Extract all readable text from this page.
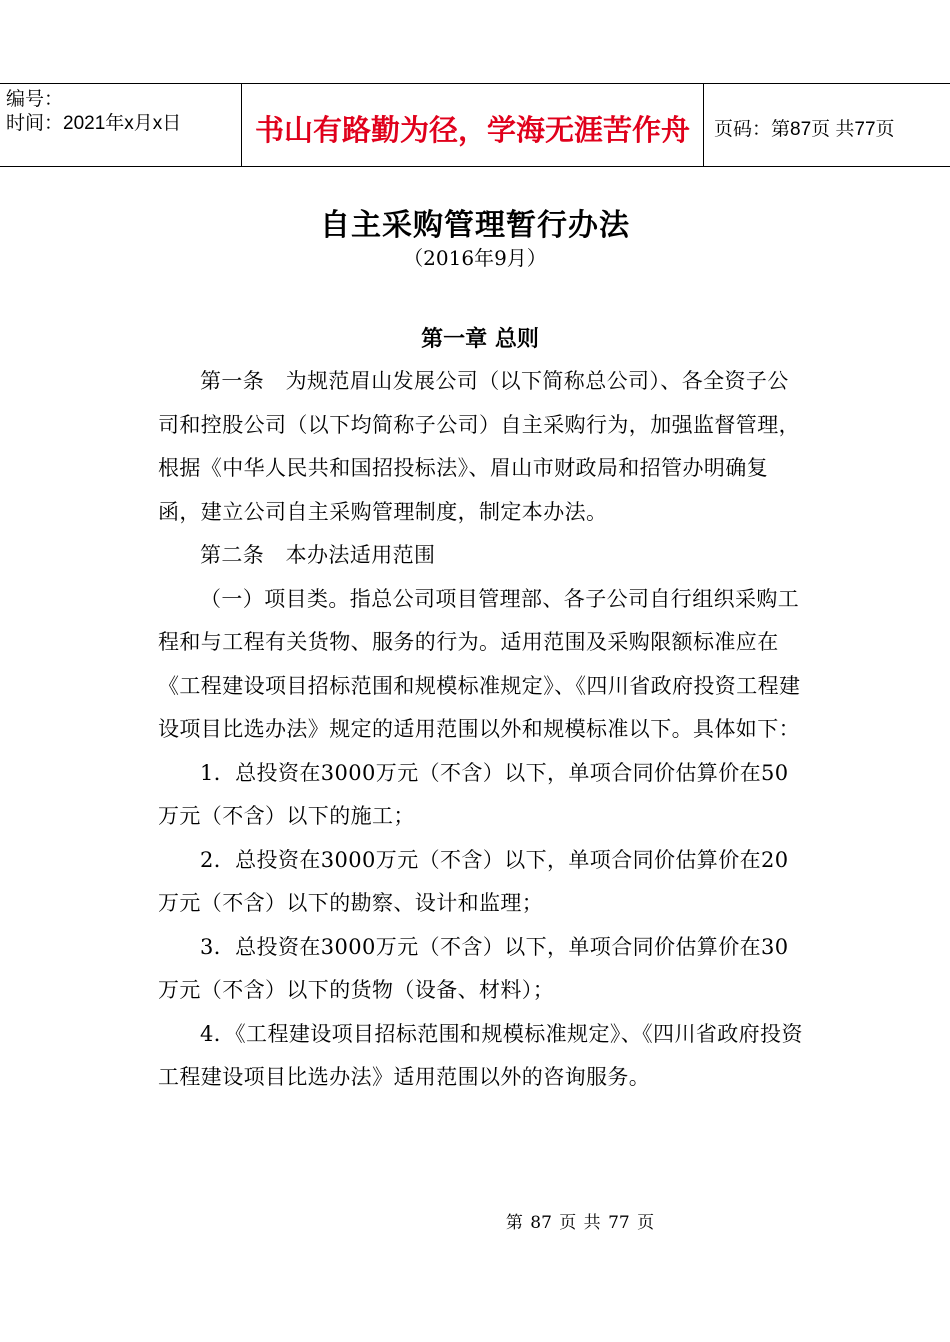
编号：
时间：2021年x月x日	书山有路勤为径，学海无涯苦作舟	页码：第87页 共77页
自主采购管理暂行办法
（2016年9月）
第一章 总则

第一条　为规范眉山发展公司（以下简称总公司）、各全资子公司和控股公司（以下均简称子公司）自主采购行为，加强监督管理，根据《中华人民共和国招投标法》、眉山市财政局和招管办明确复函，建立公司自主采购管理制度，制定本办法。

第二条　本办法适用范围

（一）项目类。指总公司项目管理部、各子公司自行组织采购工程和与工程有关货物、服务的行为。适用范围及采购限额标准应在《工程建设项目招标范围和规模标准规定》、《四川省政府投资工程建设项目比选办法》规定的适用范围以外和规模标准以下。具体如下：

1．总投资在3000万元（不含）以下，单项合同价估算价在50万元（不含）以下的施工；

2．总投资在3000万元（不含）以下，单项合同价估算价在20万元（不含）以下的勘察、设计和监理；

3．总投资在3000万元（不含）以下，单项合同价估算价在30万元（不含）以下的货物（设备、材料）；

4．《工程建设项目招标范围和规模标准规定》、《四川省政府投资工程建设项目比选办法》适用范围以外的咨询服务。

第 87 页 共 77 页
